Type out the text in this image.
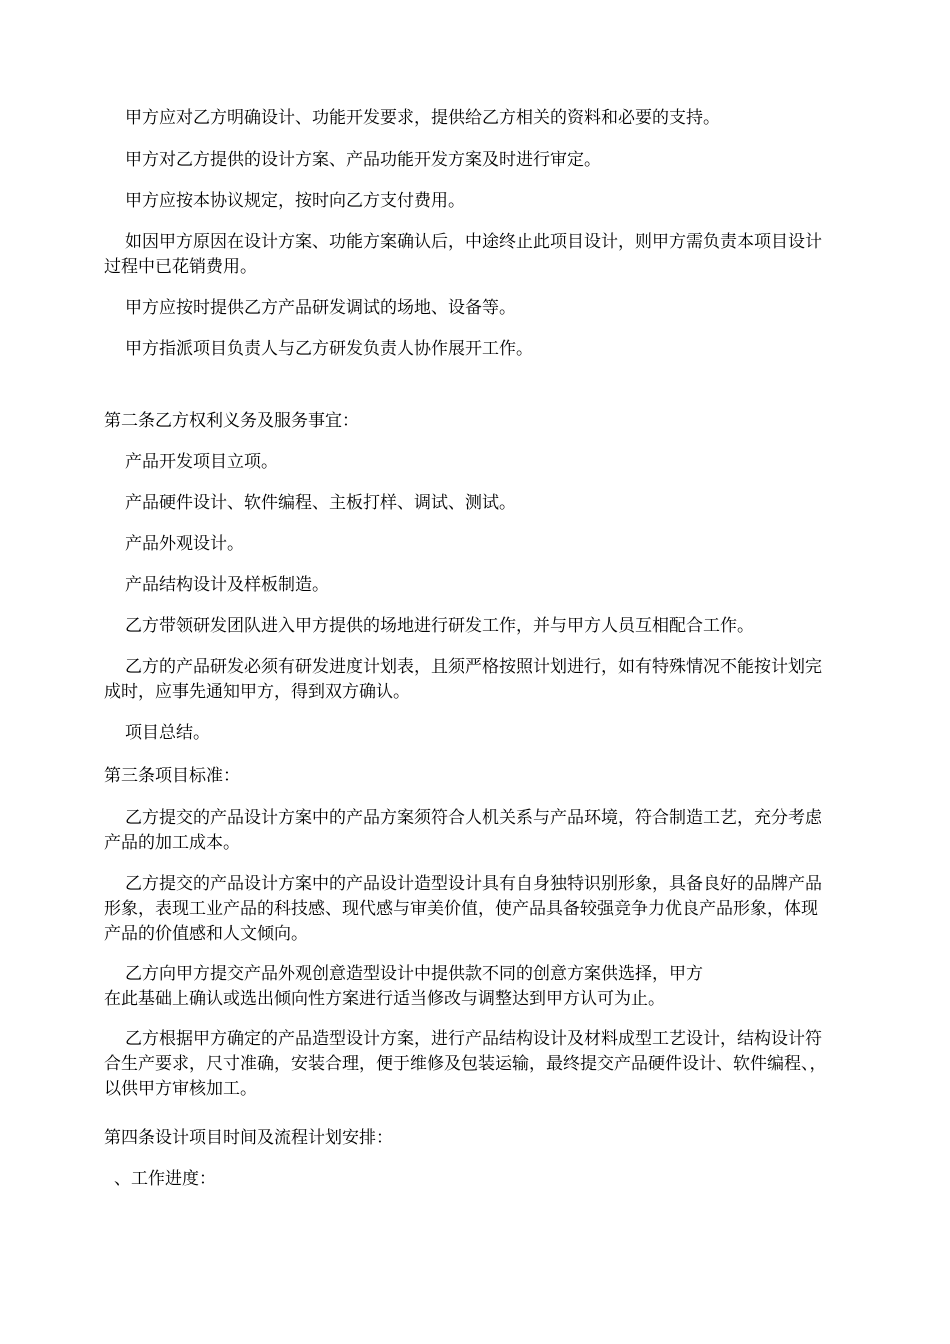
甲方应对乙方明确设计、功能开发要求，提供给乙方相关的资料和必要的支持。

甲方对乙方提供的设计方案、产品功能开发方案及时进行审定。

甲方应按本协议规定，按时向乙方支付费用。

如因甲方原因在设计方案、功能方案确认后，中途终止此项目设计，则甲方需负责本项目设计过程中已花销费用。

甲方应按时提供乙方产品研发调试的场地、设备等。

甲方指派项目负责人与乙方研发负责人协作展开工作。

第二条乙方权利义务及服务事宜：

产品开发项目立项。

产品硬件设计、软件编程、主板打样、调试、测试。

产品外观设计。

产品结构设计及样板制造。

乙方带领研发团队进入甲方提供的场地进行研发工作，并与甲方人员互相配合工作。

乙方的产品研发必须有研发进度计划表，且须严格按照计划进行，如有特殊情况不能按计划完成时，应事先通知甲方，得到双方确认。

项目总结。

第三条项目标准：

乙方提交的产品设计方案中的产品方案须符合人机关系与产品环境，符合制造工艺，充分考虑产品的加工成本。

乙方提交的产品设计方案中的产品设计造型设计具有自身独特识别形象，具备良好的品牌产品形象，表现工业产品的科技感、现代感与审美价值，使产品具备较强竞争力优良产品形象，体现产品的价值感和人文倾向。

乙方向甲方提交产品外观创意造型设计中提供款不同的创意方案供选择，甲方

在此基础上确认或选出倾向性方案进行适当修改与调整达到甲方认可为止。

乙方根据甲方确定的产品造型设计方案，进行产品结构设计及材料成型工艺设计，结构设计符合生产要求，尺寸准确，安装合理，便于维修及包装运输，最终提交产品硬件设计、软件编程、，以供甲方审核加工。

第四条设计项目时间及流程计划安排：

、工作进度：
